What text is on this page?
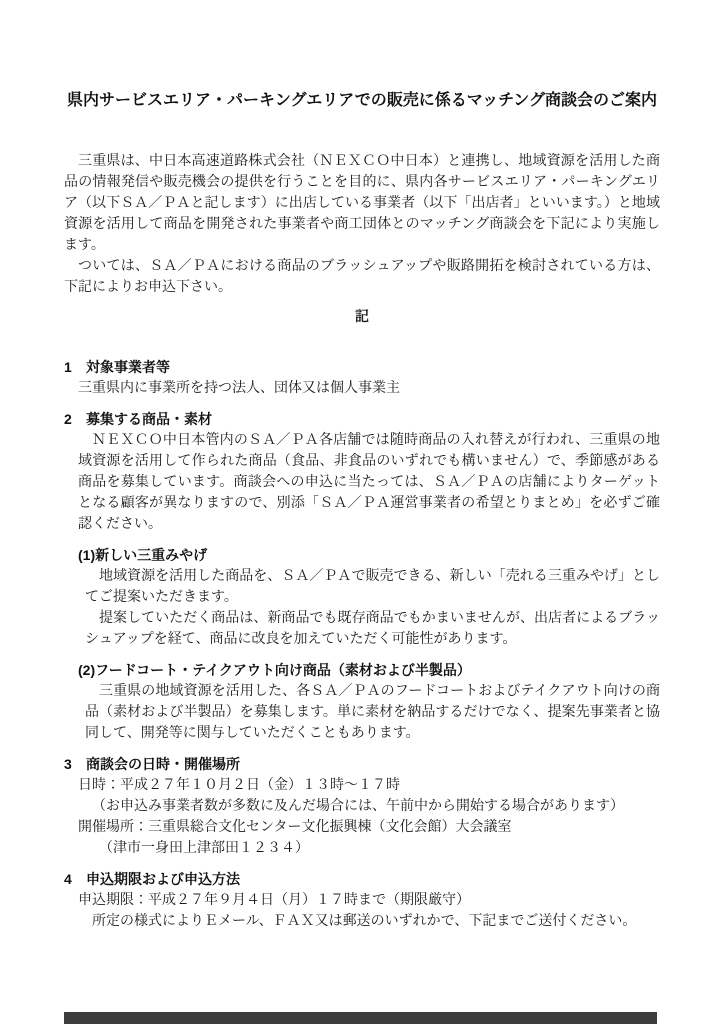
県内サービスエリア・パーキングエリアでの販売に係るマッチング商談会のご案内

三重県は、中日本高速道路株式会社（ＮＥＸＣＯ中日本）と連携し、地域資源を活用した商品の情報発信や販売機会の提供を行うことを目的に、県内各サービスエリア・パーキングエリア（以下ＳＡ／ＰＡと記します）に出店している事業者（以下「出店者」といいます。）と地域資源を活用して商品を開発された事業者や商工団体とのマッチング商談会を下記により実施します。

ついては、ＳＡ／ＰＡにおける商品のブラッシュアップや販路開拓を検討されている方は、下記によりお申込下さい。

記
1 対象事業者等

三重県内に事業所を持つ法人、団体又は個人事業主

2 募集する商品・素材

ＮＥＸＣＯ中日本管内のＳＡ／ＰＡ各店舗では随時商品の入れ替えが行われ、三重県の地域資源を活用して作られた商品（食品、非食品のいずれでも構いません）で、季節感がある商品を募集しています。商談会への申込に当たっては、ＳＡ／ＰＡの店舗によりターゲットとなる顧客が異なりますので、別添「ＳＡ／ＰＡ運営事業者の希望とりまとめ」を必ずご確認ください。

(1)新しい三重みやげ

地域資源を活用した商品を、ＳＡ／ＰＡで販売できる、新しい「売れる三重みやげ」としてご提案いただきます。

提案していただく商品は、新商品でも既存商品でもかまいませんが、出店者によるブラッシュアップを経て、商品に改良を加えていただく可能性があります。

(2)フードコート・テイクアウト向け商品（素材および半製品）

三重県の地域資源を活用した、各ＳＡ／ＰＡのフードコートおよびテイクアウト向けの商品（素材および半製品）を募集します。単に素材を納品するだけでなく、提案先事業者と協同して、開発等に関与していただくこともあります。

3 商談会の日時・開催場所

日時：平成２７年１０月２日（金）１３時～１７時

（お申込み事業者数が多数に及んだ場合には、午前中から開始する場合があります）

開催場所：三重県総合文化センター文化振興棟（文化会館）大会議室

（津市一身田上津部田１２３４）

4 申込期限および申込方法

申込期限：平成２７年９月４日（月）１７時まで（期限厳守）

所定の様式によりＥメール、ＦＡＸ又は郵送のいずれかで、下記までご送付ください。
